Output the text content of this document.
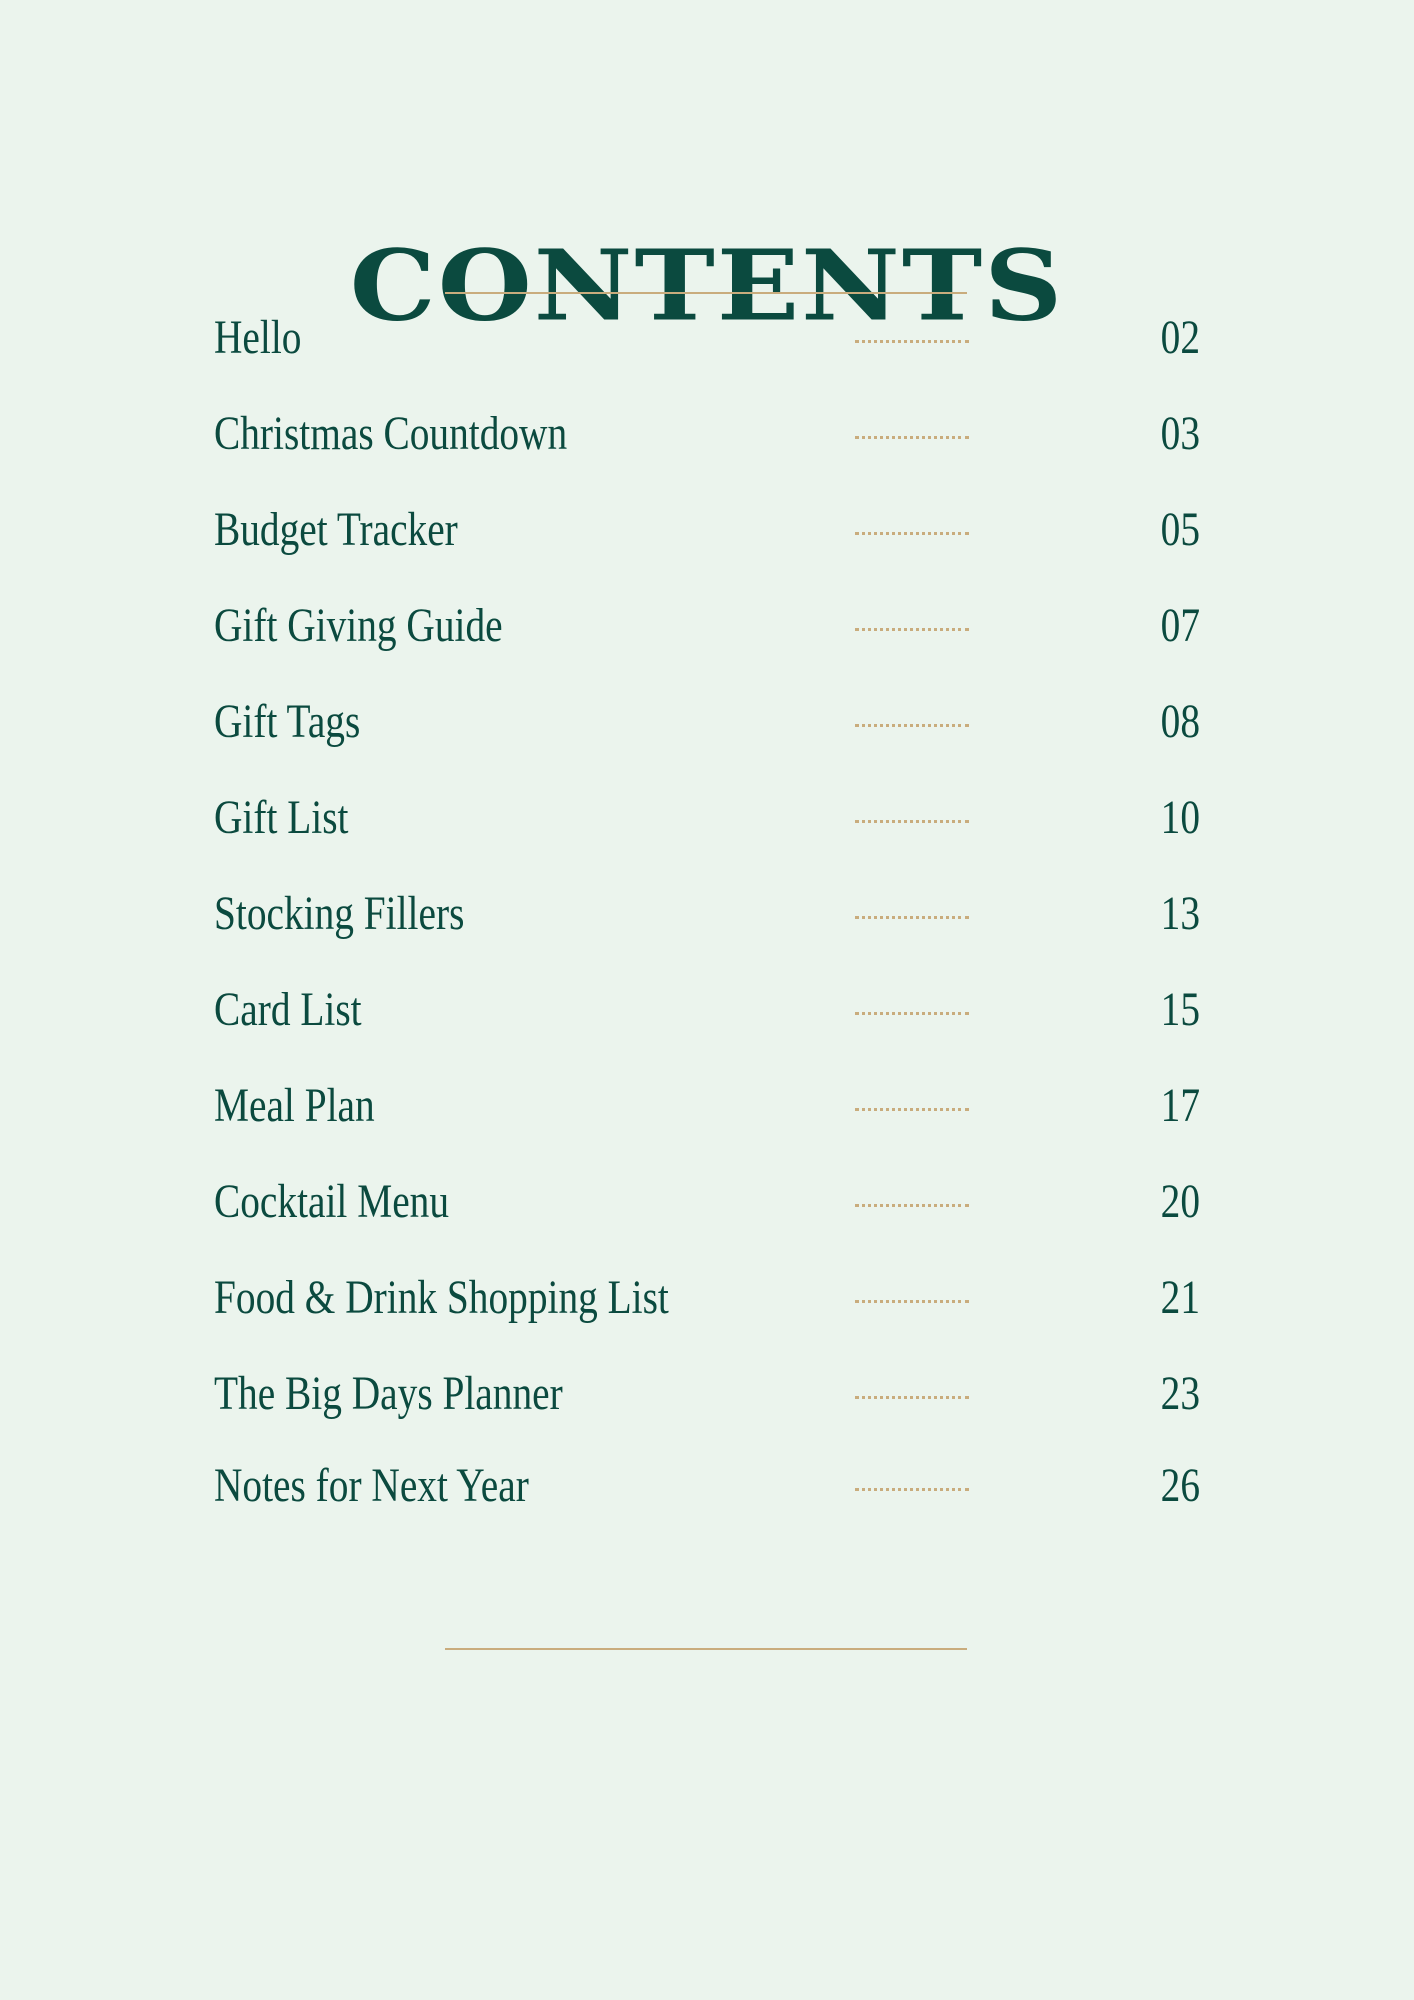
CONTENTS
Hello	02
Christmas Countdown	03
Budget Tracker	05
Gift Giving Guide	07
Gift Tags	08
Gift List	10
Stocking Fillers	13
Card List	15
Meal Plan	17
Cocktail Menu	20
Food & Drink Shopping List	21
The Big Days Planner	23
Notes for Next Year	26
